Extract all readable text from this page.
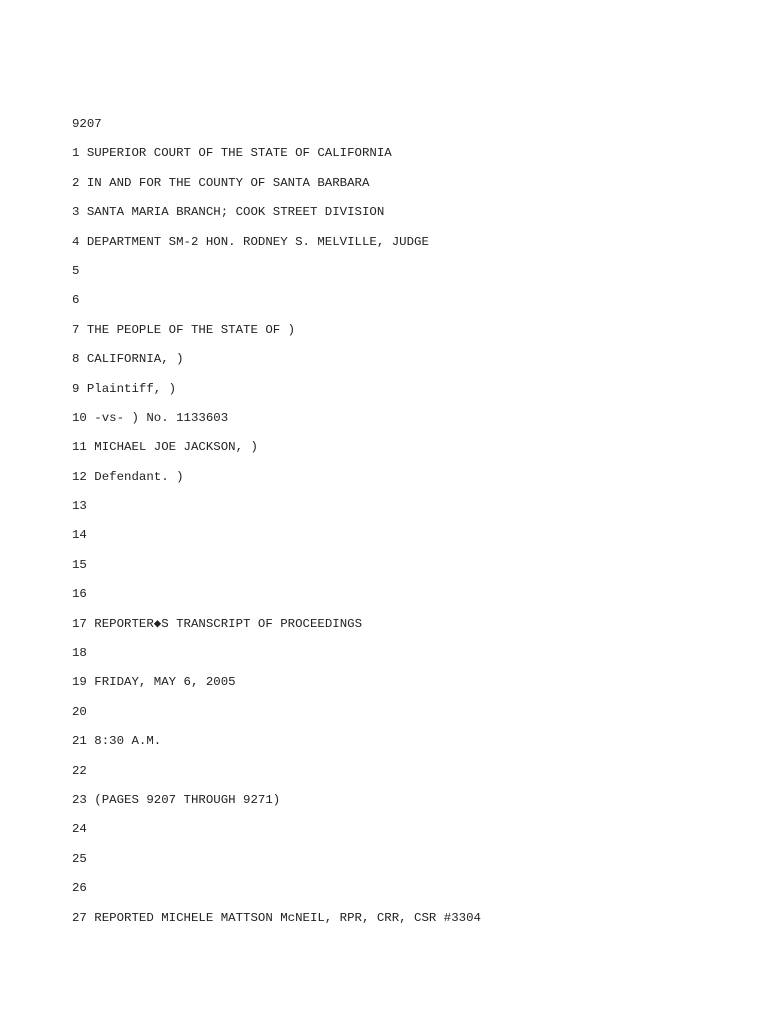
9207
1 SUPERIOR COURT OF THE STATE OF CALIFORNIA
2 IN AND FOR THE COUNTY OF SANTA BARBARA
3 SANTA MARIA BRANCH; COOK STREET DIVISION
4 DEPARTMENT SM-2 HON. RODNEY S. MELVILLE, JUDGE
5
6
7 THE PEOPLE OF THE STATE OF )
8 CALIFORNIA, )
9 Plaintiff, )
10 -vs- ) No. 1133603
11 MICHAEL JOE JACKSON, )
12 Defendant. )
13
14
15
16
17 REPORTER◆S TRANSCRIPT OF PROCEEDINGS
18
19 FRIDAY, MAY 6, 2005
20
21 8:30 A.M.
22
23 (PAGES 9207 THROUGH 9271)
24
25
26
27 REPORTED MICHELE MATTSON McNEIL, RPR, CRR, CSR #3304
